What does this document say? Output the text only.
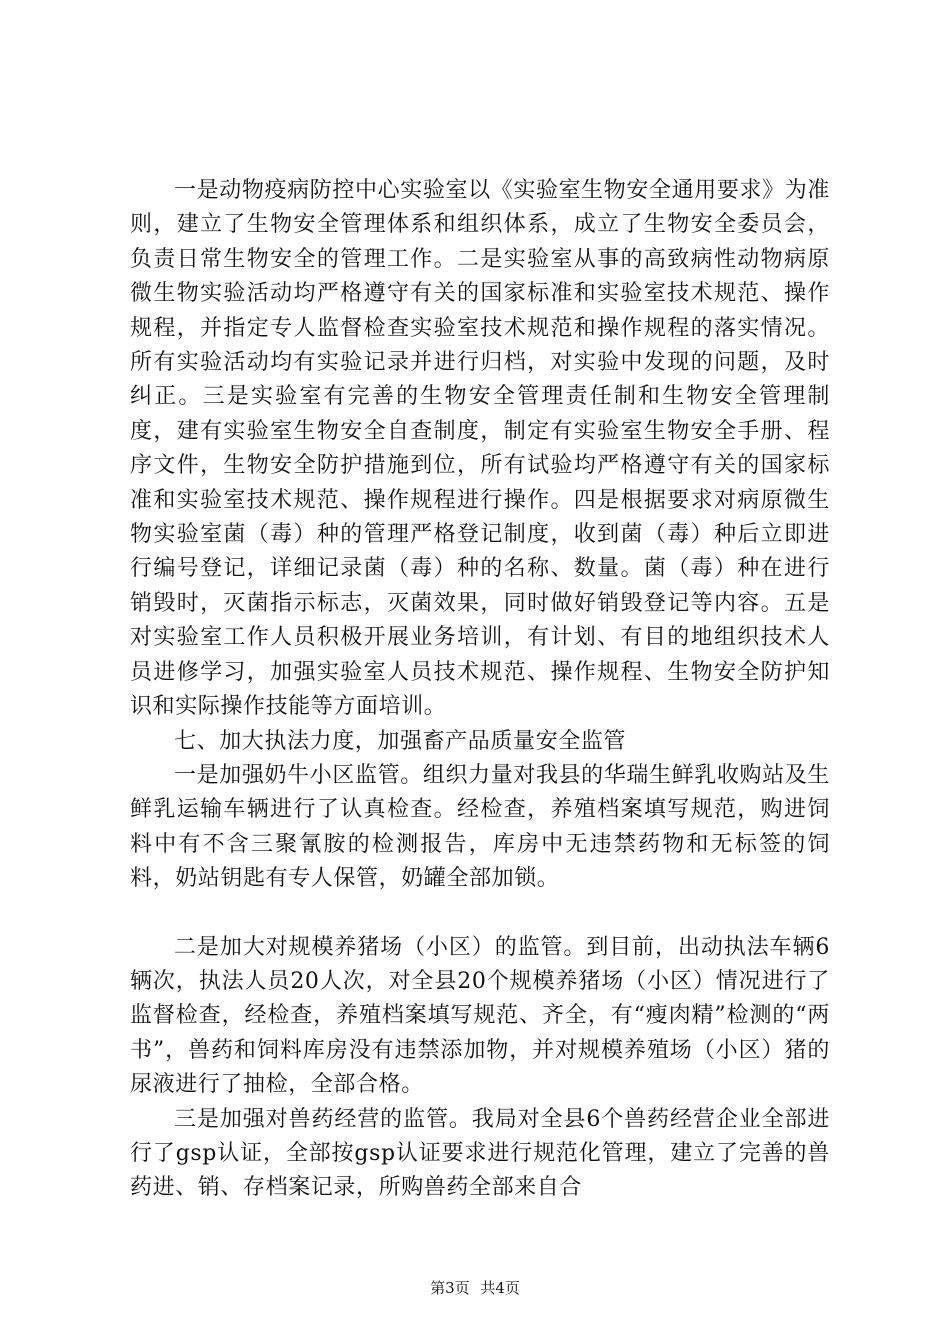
一是动物疫病防控中心实验室以《实验室生物安全通用要求》为准则，建立了生物安全管理体系和组织体系，成立了生物安全委员会，负责日常生物安全的管理工作。二是实验室从事的高致病性动物病原微生物实验活动均严格遵守有关的国家标准和实验室技术规范、操作规程，并指定专人监督检查实验室技术规范和操作规程的落实情况。所有实验活动均有实验记录并进行归档，对实验中发现的问题，及时纠正。三是实验室有完善的生物安全管理责任制和生物安全管理制度，建有实验室生物安全自查制度，制定有实验室生物安全手册、程序文件，生物安全防护措施到位，所有试验均严格遵守有关的国家标准和实验室技术规范、操作规程进行操作。四是根据要求对病原微生物实验室菌（毒）种的管理严格登记制度，收到菌（毒）种后立即进行编号登记，详细记录菌（毒）种的名称、数量。菌（毒）种在进行销毁时，灭菌指示标志，灭菌效果，同时做好销毁登记等内容。五是对实验室工作人员积极开展业务培训，有计划、有目的地组织技术人员进修学习，加强实验室人员技术规范、操作规程、生物安全防护知识和实际操作技能等方面培训。

七、加大执法力度，加强畜产品质量安全监管

一是加强奶牛小区监管。组织力量对我县的华瑞生鲜乳收购站及生鲜乳运输车辆进行了认真检查。经检查，养殖档案填写规范，购进饲料中有不含三聚氰胺的检测报告，库房中无违禁药物和无标签的饲料，奶站钥匙有专人保管，奶罐全部加锁。

二是加大对规模养猪场（小区）的监管。到目前，出动执法车辆6辆次，执法人员20人次，对全县20个规模养猪场（小区）情况进行了监督检查，经检查，养殖档案填写规范、齐全，有“瘦肉精”检测的“两书”，兽药和饲料库房没有违禁添加物，并对规模养殖场（小区）猪的尿液进行了抽检，全部合格。

三是加强对兽药经营的监管。我局对全县6个兽药经营企业全部进行了gsp认证，全部按gsp认证要求进行规范化管理，建立了完善的兽药进、销、存档案记录，所购兽药全部来自合

第3页 共4页
